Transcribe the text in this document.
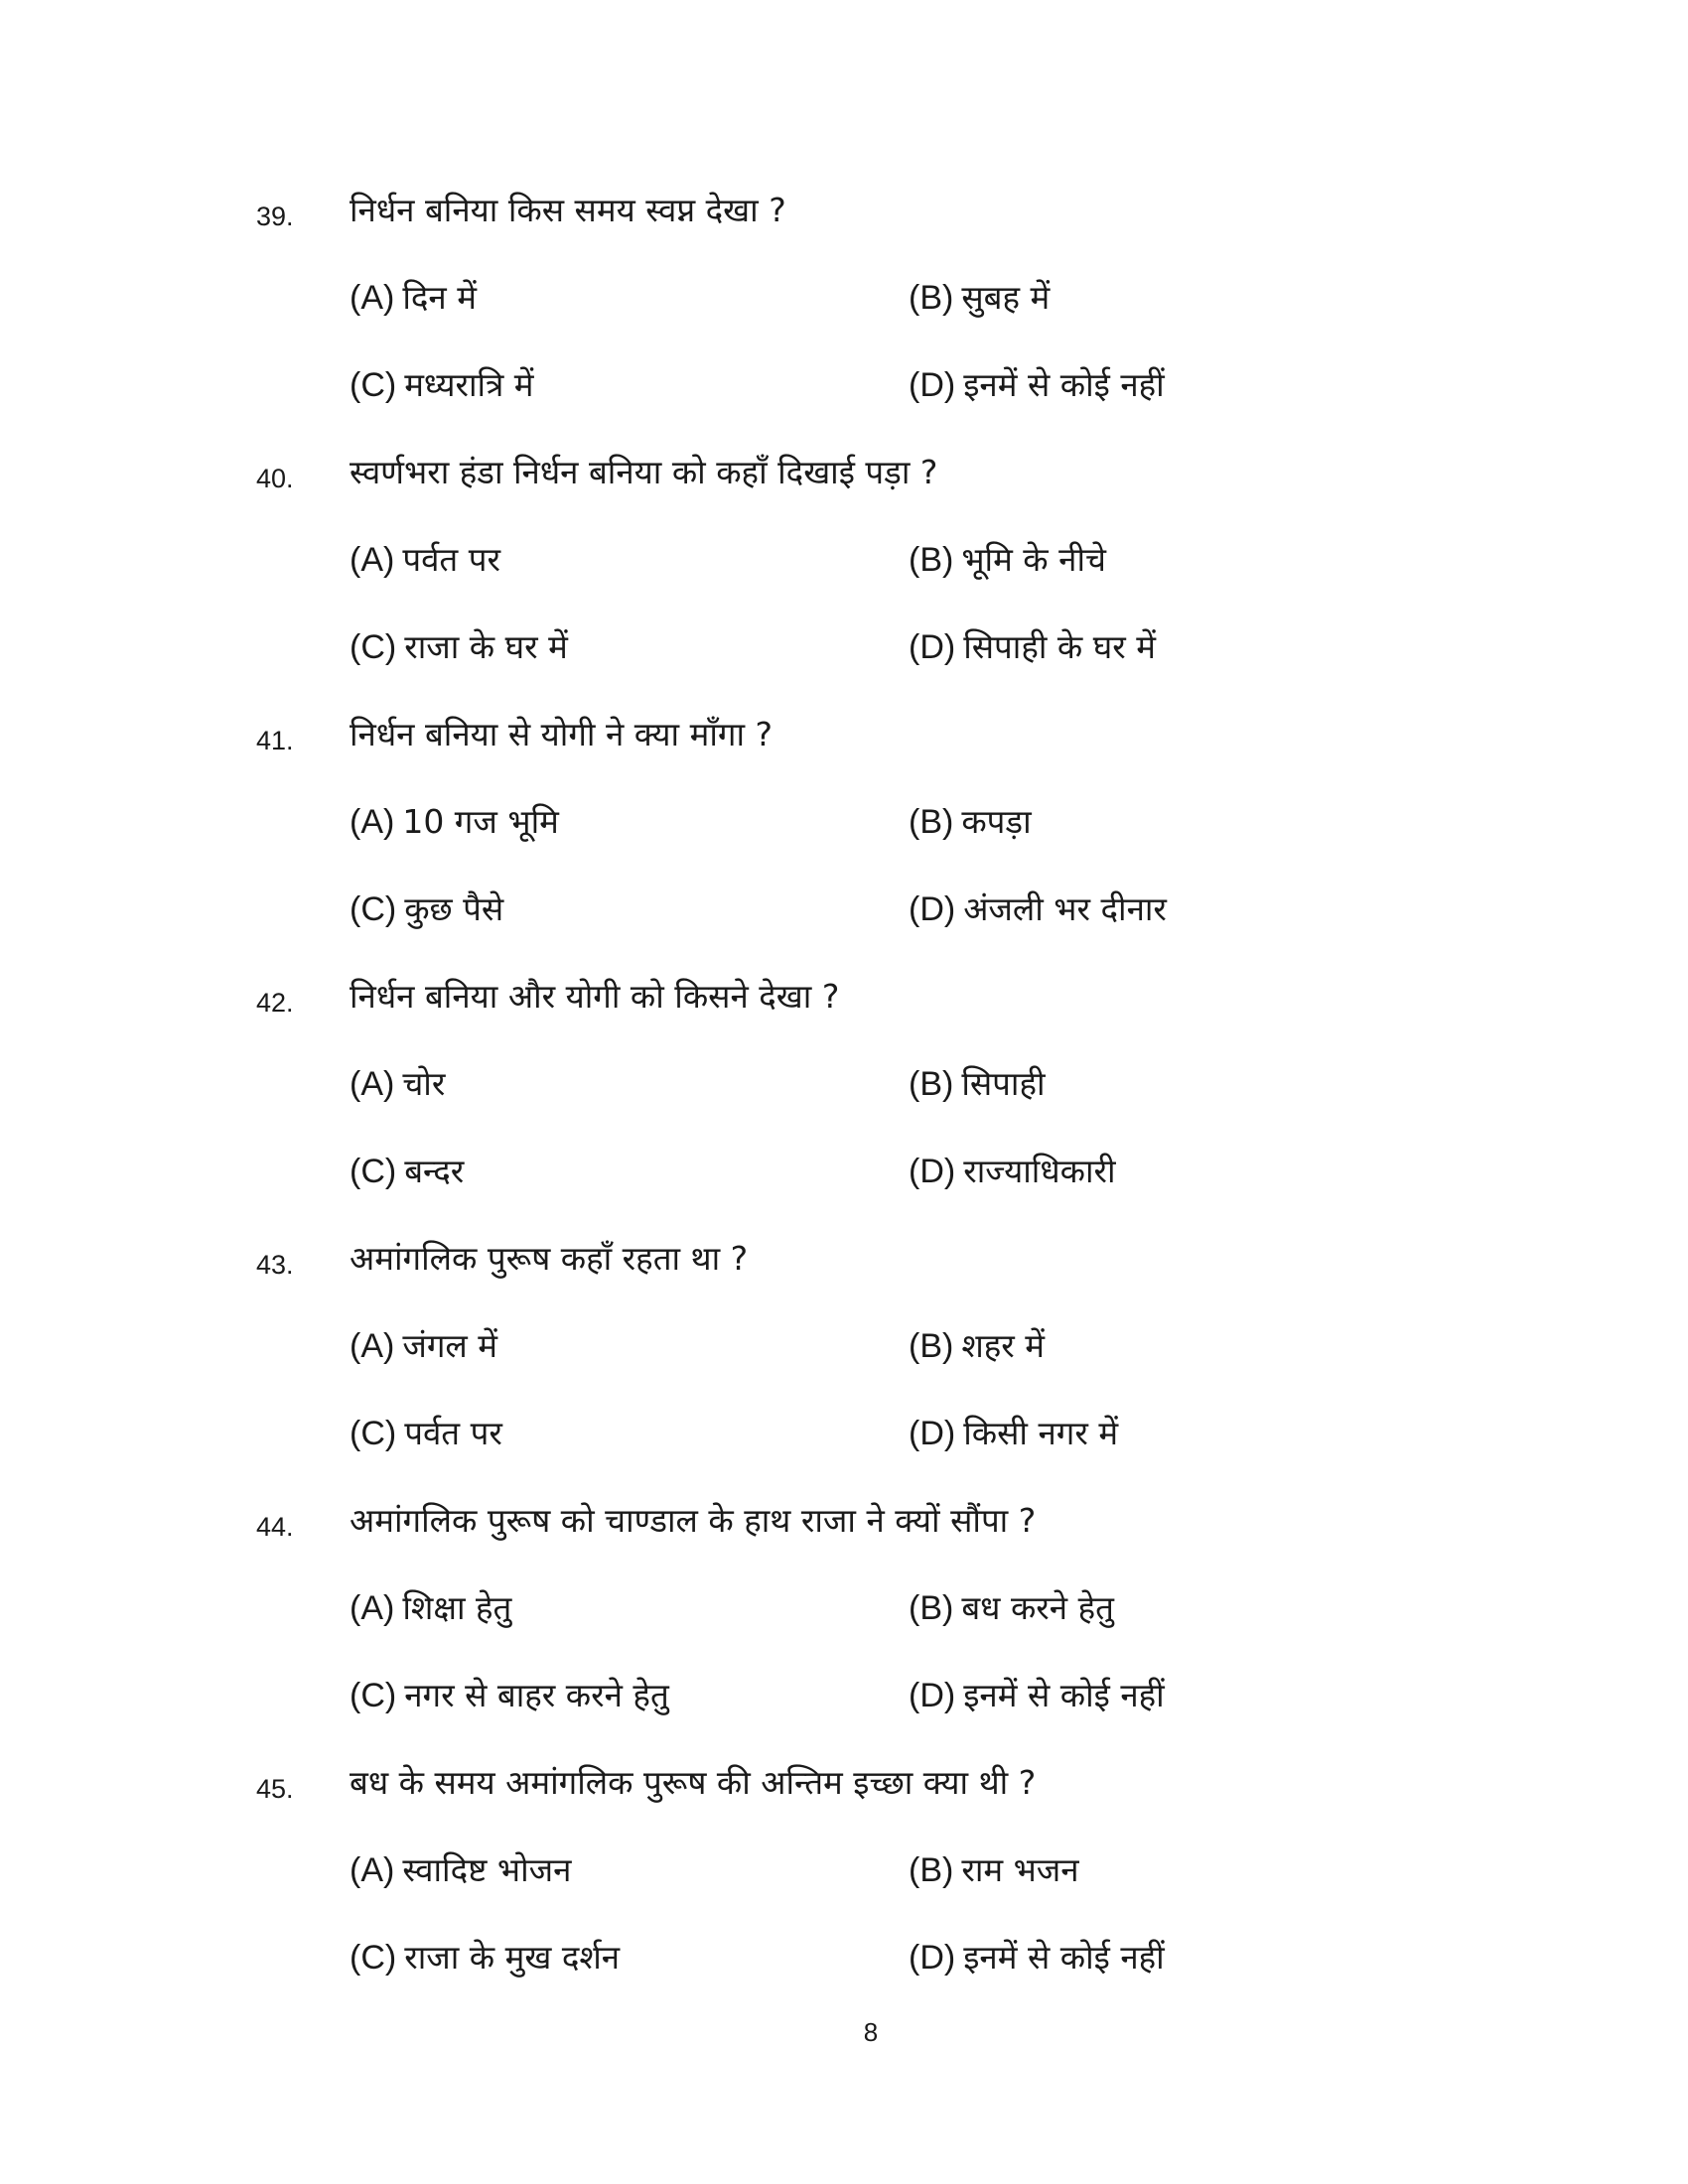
39. निर्धन बनिया किस समय स्वप्न देखा ?
(A) दिन में	(B) सुबह में
(C) मध्यरात्रि में	(D) इनमें से कोई नहीं
40. स्वर्णभरा हंडा निर्धन बनिया को कहाँ दिखाई पड़ा ?
(A) पर्वत पर	(B) भूमि के नीचे
(C) राजा के घर में	(D) सिपाही के घर में
41. निर्धन बनिया से योगी ने क्या माँगा ?
(A) 10 गज भूमि	(B) कपड़ा
(C) कुछ पैसे	(D) अंजली भर दीनार
42. निर्धन बनिया और योगी को किसने देखा ?
(A) चोर	(B) सिपाही
(C) बन्दर	(D) राज्याधिकारी
43. अमांगलिक पुरूष कहाँ रहता था ?
(A) जंगल में	(B) शहर में
(C) पर्वत पर	(D) किसी नगर में
44. अमांगलिक पुरूष को चाण्डाल के हाथ राजा ने क्यों सौंपा ?
(A) शिक्षा हेतु	(B) बध करने हेतु
(C) नगर से बाहर करने हेतु	(D) इनमें से कोई नहीं
45. बध के समय अमांगलिक पुरूष की अन्तिम इच्छा क्या थी ?
(A) स्वादिष्ट भोजन	(B) राम भजन
(C) राजा के मुख दर्शन	(D) इनमें से कोई नहीं
8
